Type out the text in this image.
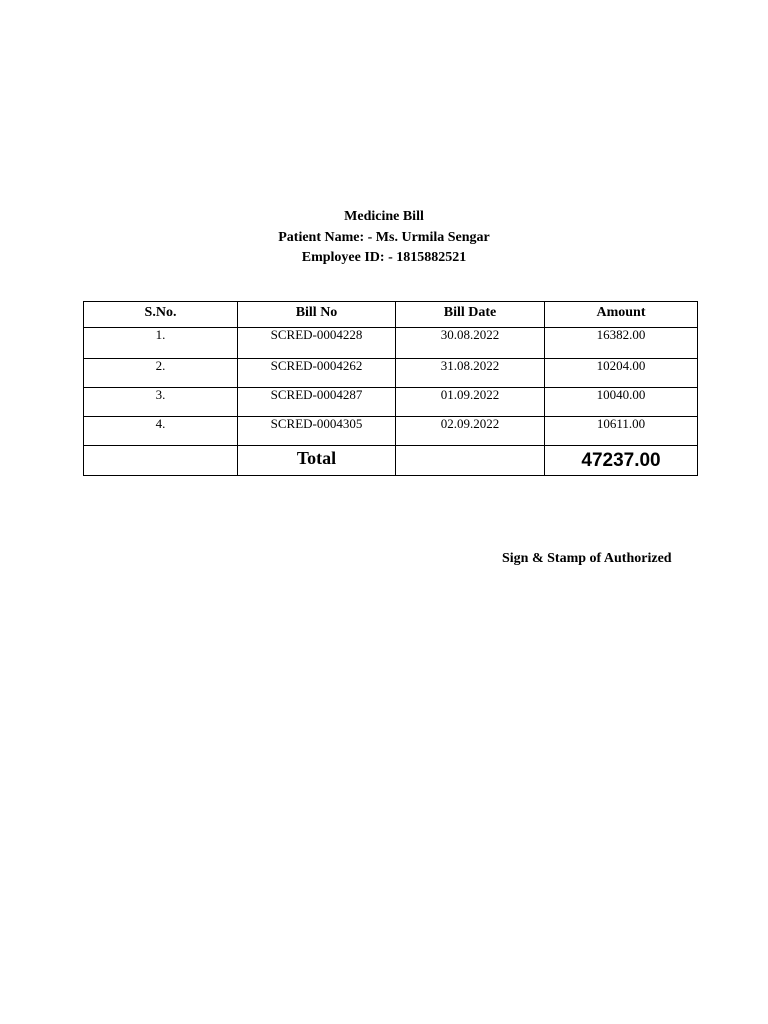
Medicine Bill
Patient Name: - Ms. Urmila Sengar
Employee ID: - 1815882521
S.No.	Bill No	Bill Date	Amount
1.	SCRED-0004228	30.08.2022	16382.00
2.	SCRED-0004262	31.08.2022	10204.00
3.	SCRED-0004287	01.09.2022	10040.00
4.	SCRED-0004305	02.09.2022	10611.00
	Total		47237.00
Sign & Stamp of Authorized
